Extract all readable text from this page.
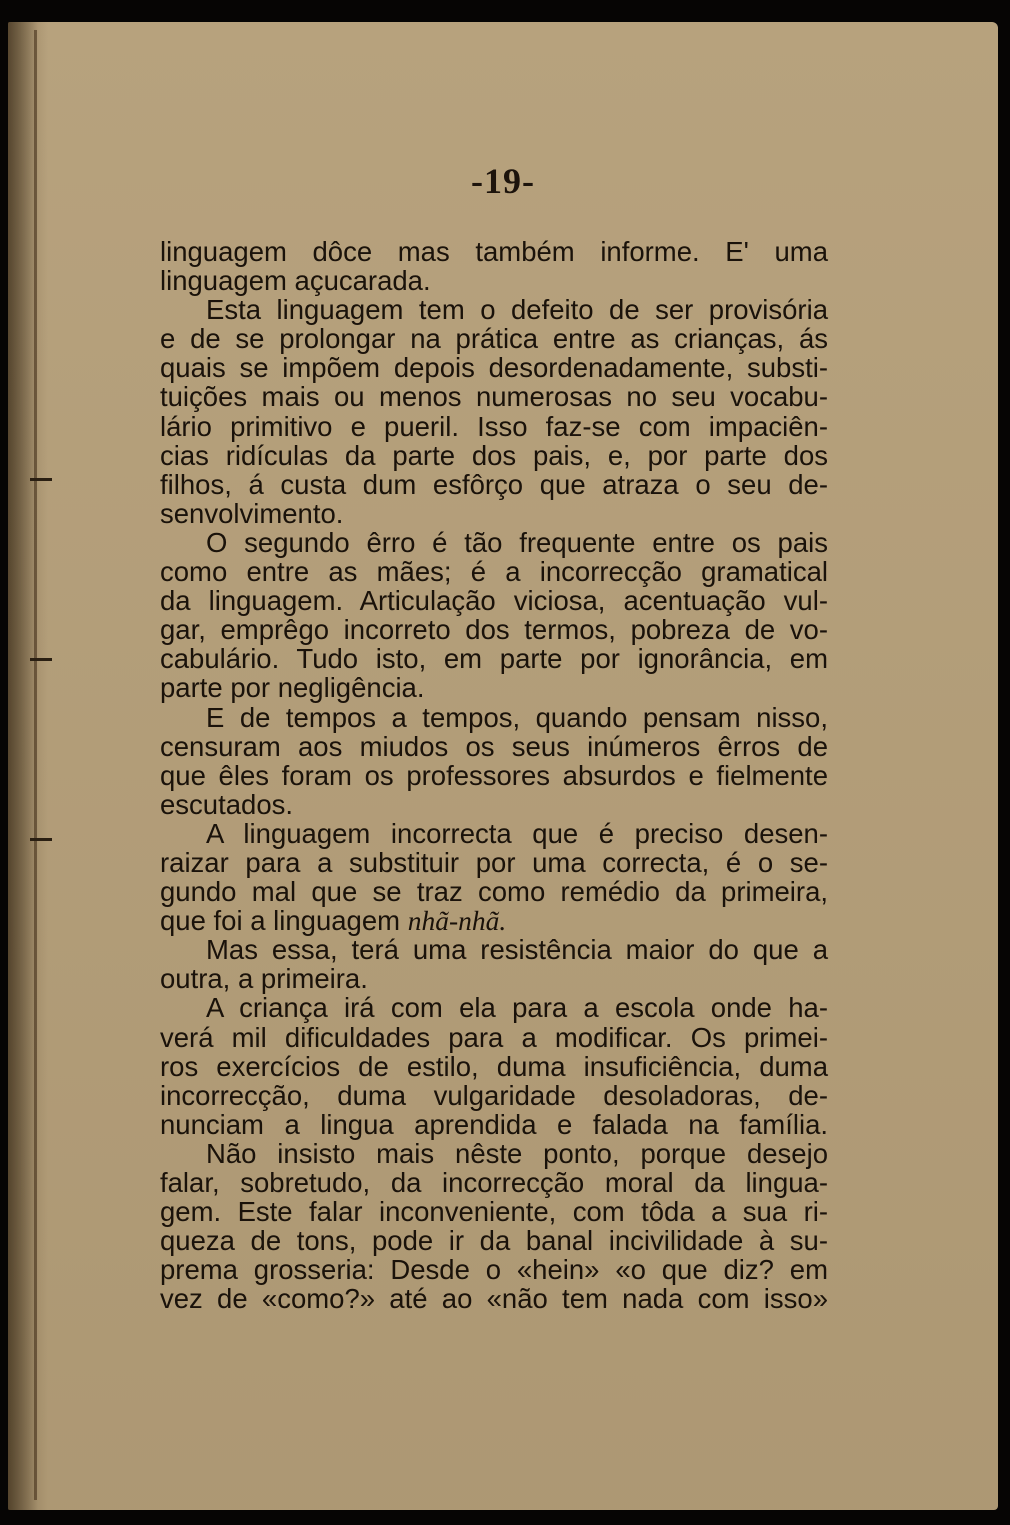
-19-
linguagem dôce mas também informe. E' uma
linguagem açucarada.
Esta linguagem tem o defeito de ser provisória
e de se prolongar na prática entre as crianças, ás
quais se impõem depois desordenadamente, substi-
tuições mais ou menos numerosas no seu vocabu-
lário primitivo e pueril. Isso faz-se com impaciên-
cias ridículas da parte dos pais, e, por parte dos
filhos, á custa dum esfôrço que atraza o seu de-
senvolvimento.
O segundo êrro é tão frequente entre os pais
como entre as mães; é a incorrecção gramatical
da linguagem. Articulação viciosa, acentuação vul-
gar, emprêgo incorreto dos termos, pobreza de vo-
cabulário. Tudo isto, em parte por ignorância, em
parte por negligência.
E de tempos a tempos, quando pensam nisso,
censuram aos miudos os seus inúmeros êrros de
que êles foram os professores absurdos e fielmente
escutados.
A linguagem incorrecta que é preciso desen-
raizar para a substituir por uma correcta, é o se-
gundo mal que se traz como remédio da primeira,
que foi a linguagem nhã-nhã.
Mas essa, terá uma resistência maior do que a
outra, a primeira.
A criança irá com ela para a escola onde ha-
verá mil dificuldades para a modificar. Os primei-
ros exercícios de estilo, duma insuficiência, duma
incorrecção, duma vulgaridade desoladoras, de-
nunciam a lingua aprendida e falada na família.
Não insisto mais nêste ponto, porque desejo
falar, sobretudo, da incorrecção moral da lingua-
gem. Este falar inconveniente, com tôda a sua ri-
queza de tons, pode ir da banal incivilidade à su-
prema grosseria: Desde o «hein» «o que diz? em
vez de «como?» até ao «não tem nada com isso»
